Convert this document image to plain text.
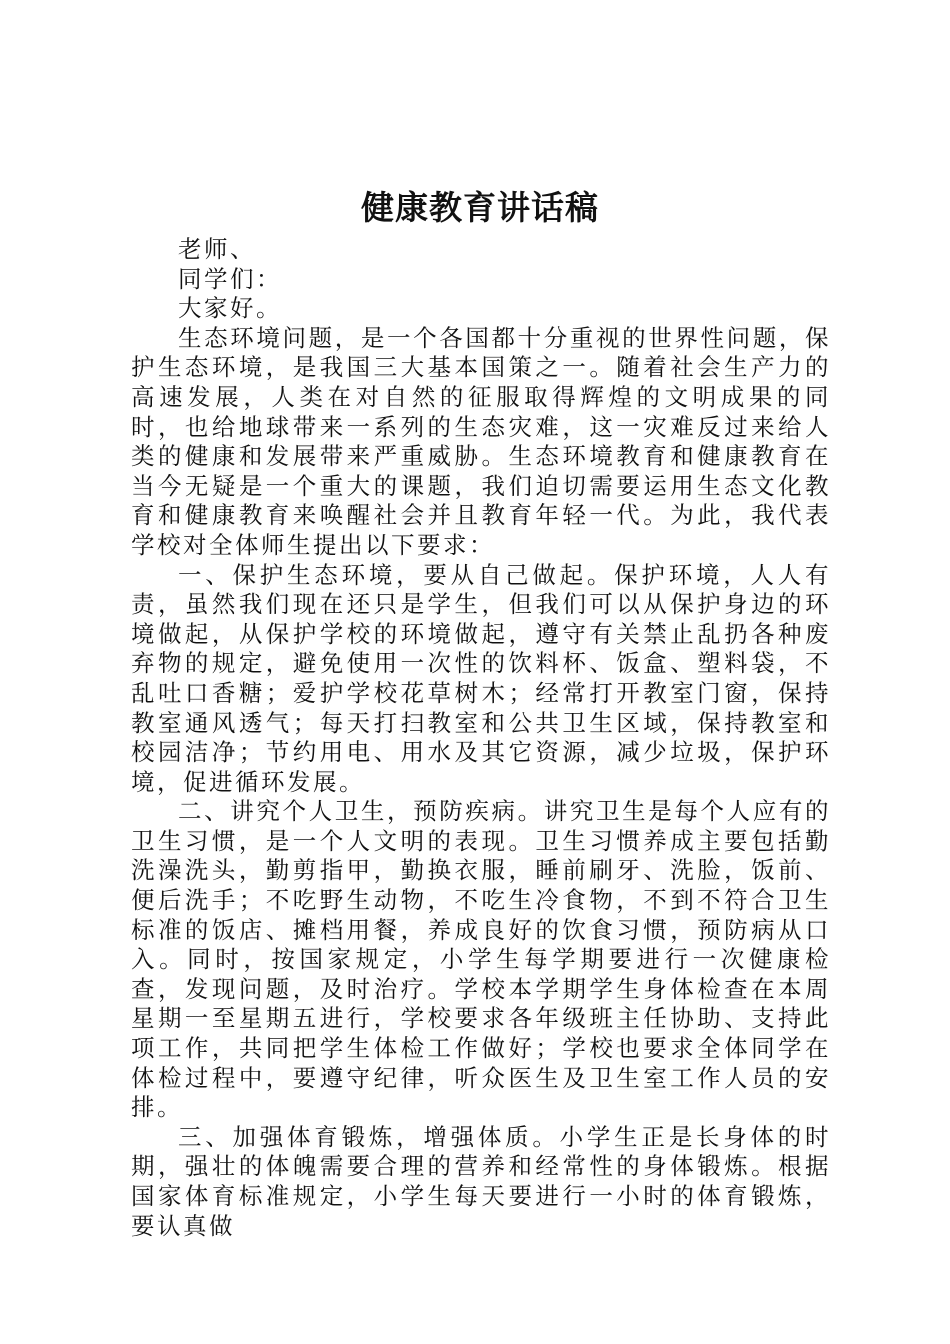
健康教育讲话稿

老师、

同学们：

大家好。

生态环境问题，是一个各国都十分重视的世界性问题，保护生态环境，是我国三大基本国策之一。随着社会生产力的高速发展，人类在对自然的征服取得辉煌的文明成果的同时，也给地球带来一系列的生态灾难，这一灾难反过来给人类的健康和发展带来严重威胁。生态环境教育和健康教育在当今无疑是一个重大的课题，我们迫切需要运用生态文化教育和健康教育来唤醒社会并且教育年轻一代。为此，我代表学校对全体师生提出以下要求：

一、保护生态环境，要从自己做起。保护环境，人人有责，虽然我们现在还只是学生，但我们可以从保护身边的环境做起，从保护学校的环境做起，遵守有关禁止乱扔各种废弃物的规定，避免使用一次性的饮料杯、饭盒、塑料袋，不乱吐口香糖；爱护学校花草树木；经常打开教室门窗，保持教室通风透气；每天打扫教室和公共卫生区域，保持教室和校园洁净；节约用电、用水及其它资源，减少垃圾，保护环境，促进循环发展。

二、讲究个人卫生，预防疾病。讲究卫生是每个人应有的卫生习惯，是一个人文明的表现。卫生习惯养成主要包括勤洗澡洗头，勤剪指甲，勤换衣服，睡前刷牙、洗脸，饭前、便后洗手；不吃野生动物，不吃生冷食物，不到不符合卫生标准的饭店、摊档用餐，养成良好的饮食习惯，预防病从口入。同时，按国家规定，小学生每学期要进行一次健康检查，发现问题，及时治疗。学校本学期学生身体检查在本周星期一至星期五进行，学校要求各年级班主任协助、支持此项工作，共同把学生体检工作做好；学校也要求全体同学在体检过程中，要遵守纪律，听众医生及卫生室工作人员的安排。

三、加强体育锻炼，增强体质。小学生正是长身体的时期，强壮的体魄需要合理的营养和经常性的身体锻炼。根据国家体育标准规定，小学生每天要进行一小时的体育锻炼，要认真做
